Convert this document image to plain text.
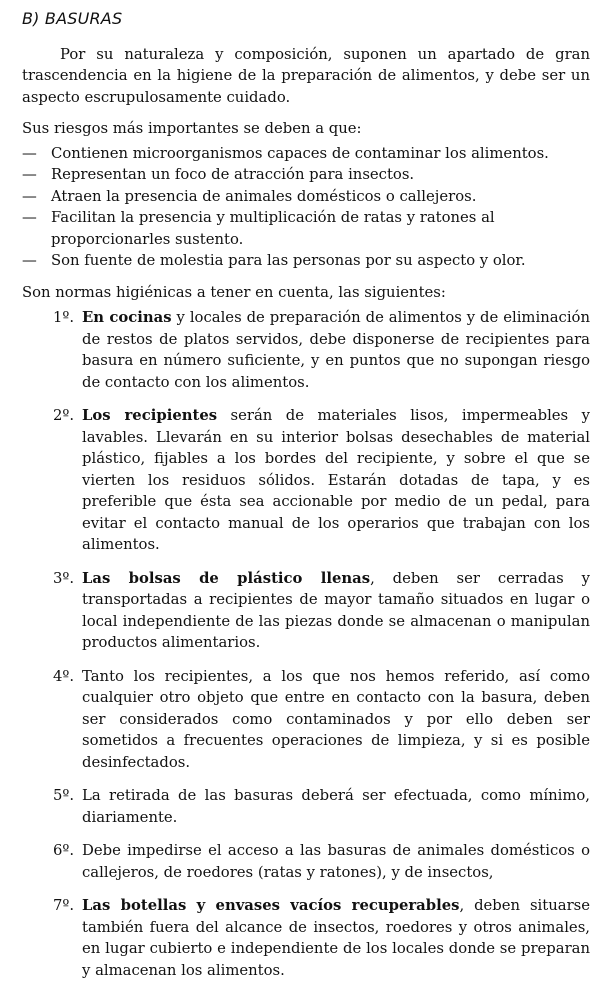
B) BASURAS

Por su naturaleza y composición, suponen un apartado de gran trascendencia en la higiene de la preparación de alimentos, y debe ser un aspecto escrupulosamente cuidado.

Sus riesgos más importantes se deben a que:

— Contienen microorganismos capaces de contaminar los alimentos.
— Representan un foco de atracción para insectos.
— Atraen la presencia de animales domésticos o callejeros.
— Facilitan la presencia y multiplicación de ratas y ratones al proporcionarles sustento.
— Son fuente de molestia para las personas por su aspecto y olor.

Son normas higiénicas a tener en cuenta, las siguientes:

1º. En cocinas y locales de preparación de alimentos y de eliminación de restos de platos servidos, debe disponerse de recipientes para basura en número suficiente, y en puntos que no supongan riesgo de contacto con los alimentos.
2º. Los recipientes serán de materiales lisos, impermeables y lavables. Llevarán en su interior bolsas desechables de material plástico, fijables a los bordes del recipiente, y sobre el que se vierten los residuos sólidos. Estarán dotadas de tapa, y es preferible que ésta sea accionable por medio de un pedal, para evitar el contacto manual de los operarios que trabajan con los alimentos.
3º. Las bolsas de plástico llenas, deben ser cerradas y transportadas a recipientes de mayor tamaño situados en lugar o local independiente de las piezas donde se almacenan o manipulan productos alimentarios.
4º. Tanto los recipientes, a los que nos hemos referido, así como cualquier otro objeto que entre en contacto con la basura, deben ser considerados como contaminados y por ello deben ser sometidos a frecuentes operaciones de limpieza, y si es posible desinfectados.
5º. La retirada de las basuras deberá ser efectuada, como mínimo, diariamente.
6º. Debe impedirse el acceso a las basuras de animales domésticos o callejeros, de roedores (ratas y ratones), y de insectos,
7º. Las botellas y envases vacíos recuperables, deben situarse también fuera del alcance de insectos, roedores y otros animales, en lugar cubierto e independiente de los locales donde se preparan y almacenan los alimentos.
